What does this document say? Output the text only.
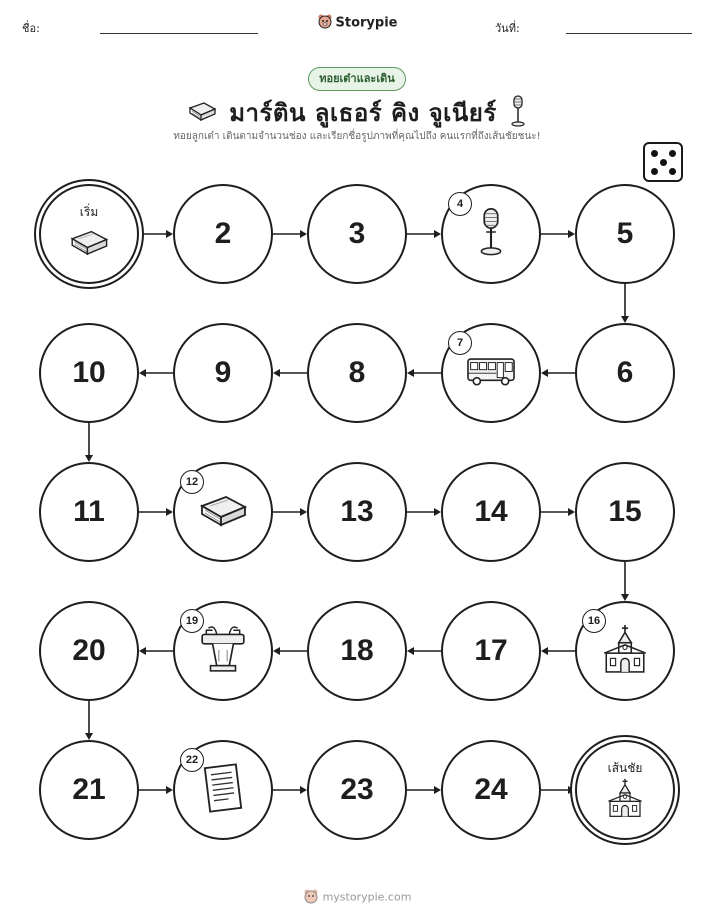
ชื่อ:	Storypie	วันที่:
ทอยเต๋าและเดิน
มาร์ติน ลูเธอร์ คิง จูเนียร์
ทอยลูกเต๋า เดินตามจำนวนช่อง และเรียกชื่อรูปภาพที่คุณไปถึง คนแรกที่ถึงเส้นชัยชนะ!
เริ่ม
2	3
4
5
6
7
8
9
10
11
12
13	14	15
16
17
18
19
20
21
22
23	24
เส้นชัย
mystorypie.com
